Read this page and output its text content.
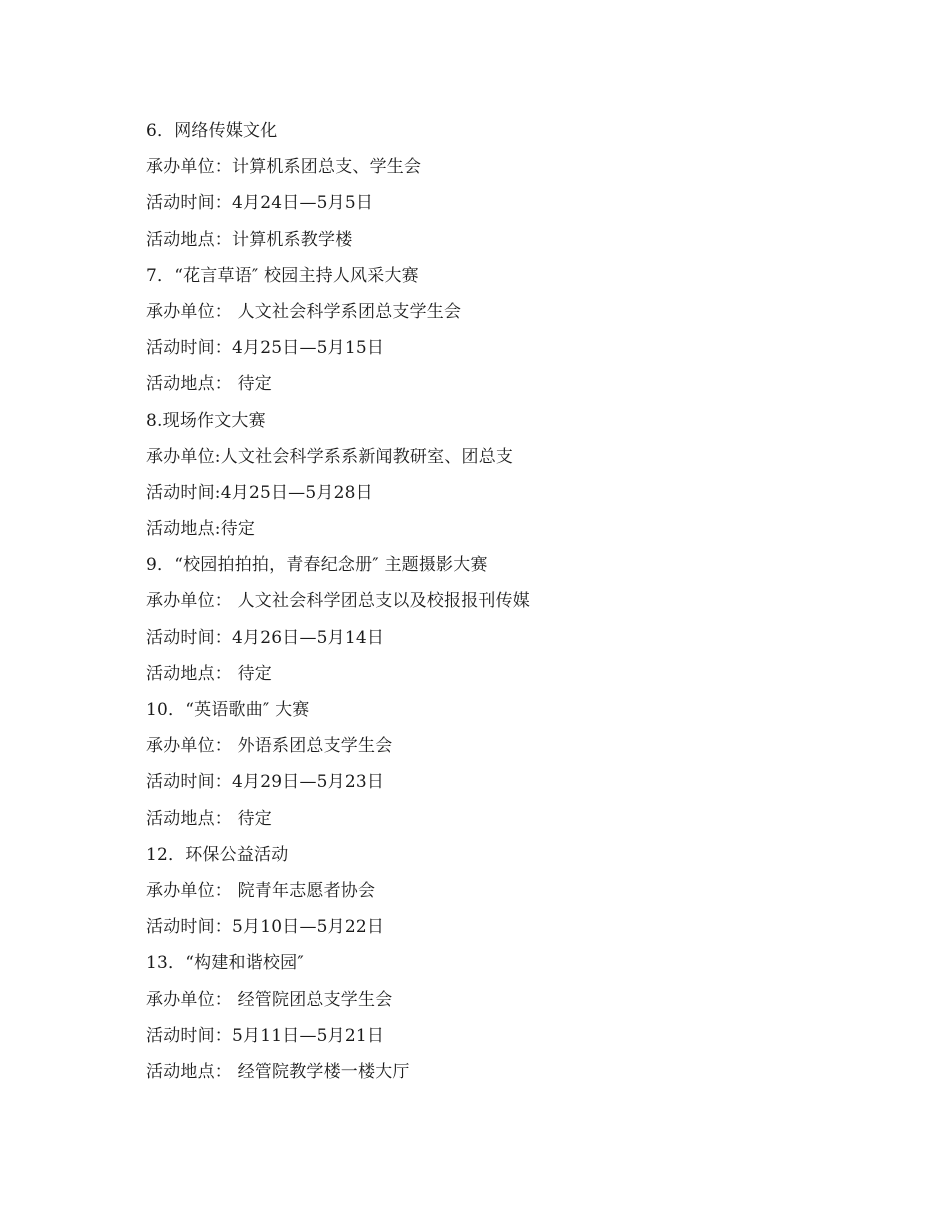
6．网络传媒文化
承办单位：计算机系团总支、学生会
活动时间：4月24日—5月5日
活动地点：计算机系教学楼
7．“花言草语″ 校园主持人风采大赛
承办单位： 人文社会科学系团总支学生会
活动时间：4月25日—5月15日
活动地点： 待定
8.现场作文大赛
承办单位:人文社会科学系系新闻教研室、团总支
活动时间:4月25日—5月28日
活动地点:待定
9．“校园拍拍拍，青春纪念册″ 主题摄影大赛
承办单位： 人文社会科学团总支以及校报报刊传媒
活动时间：4月26日—5月14日
活动地点： 待定
10．“英语歌曲″ 大赛
承办单位： 外语系团总支学生会
活动时间：4月29日—5月23日
活动地点： 待定
12．环保公益活动
承办单位： 院青年志愿者协会
活动时间：5月10日—5月22日
13．“构建和谐校园″
承办单位： 经管院团总支学生会
活动时间：5月11日—5月21日
活动地点： 经管院教学楼一楼大厅
